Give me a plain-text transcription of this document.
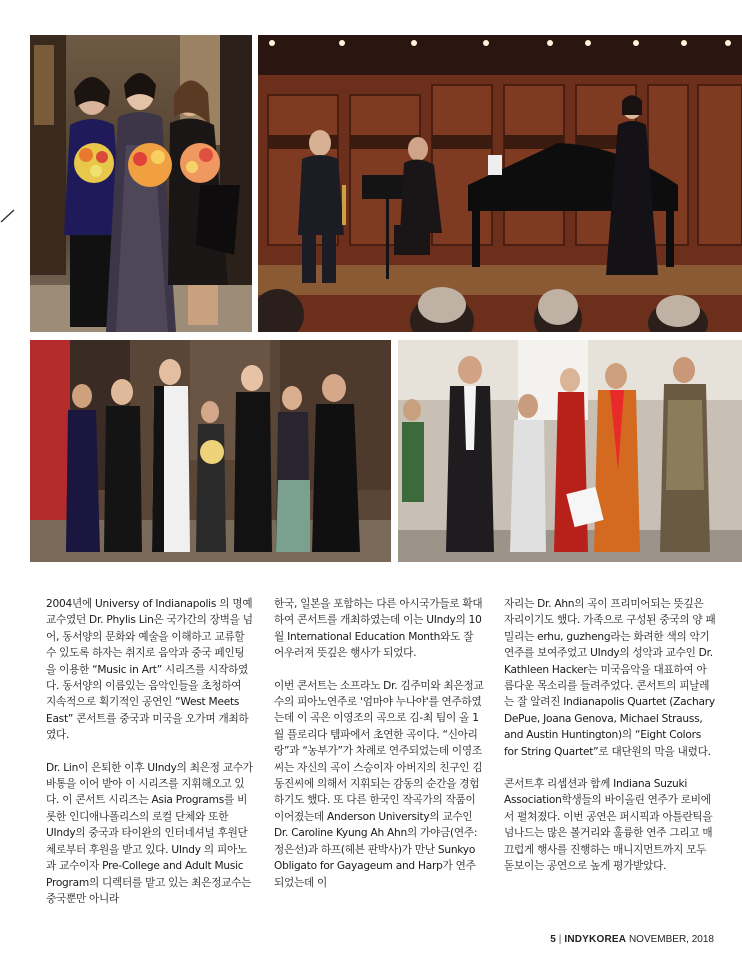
2004년에 Universy of Indianapolis 의 명예교수였던 Dr. Phylis Lin은 국가간의 장벽을 넘어, 동서양의 문화와 예술을 이해하고 교류할 수 있도록 하자는 취지로 음악과 중국 페인팅을 이용한 “Music in Art” 시리즈를 시작하였다. 동서양의 이름있는 음악인들을 초청하여 지속적으로 획기적인 공연인 “West Meets East” 콘서트를 중국과 미국을 오가며 개최하였다.

Dr. Lin이 은퇴한 이후 UIndy의 최은정 교수가 바통을 이어 받아 이 시리즈를 지휘해오고 있다. 이 콘서트 시리즈는 Asia Programs를 비롯한 인디애나폴리스의 로컬 단체와 또한 UIndy의 중국과 타이완의 인터네셔널 후원단체로부터 후원을 받고 있다. UIndy 의 피아노과 교수이자 Pre-College and Adult Music Program의 디렉터를 맡고 있는 최은정교수는 중국뿐만 아니라

한국, 일본을 포함하는 다른 아시국가들로 확대하여 콘서트를 개최하였는데 이는 UIndy의 10월 International Education Month와도 잘 어우러져 뜻깊은 행사가 되었다.

이번 콘서트는 소프라노 Dr. 김주미와 최은정교수의 피아노연주로 '엄마야 누나야'를 연주하였는데 이 곡은 이영조의 곡으로 김-최 팀이 올 1월 플로리다 템파에서 초연한 곡이다. “신아리랑”과 “농부가”가 차례로 연주되었는데 이영조씨는 자신의 곡이 스승이자 아버지의 친구인 김동진씨에 의해서 지휘되는 감동의 순간을 경험하기도 했다. 또 다른 한국인 작곡가의 작품이 이어졌는데 Anderson University의 교수인 Dr. Caroline Kyung Ah Ahn의 가야금(연주: 정은선)과 하프(헤븐 판박사)가 만난 Sunkyo Obligato for Gayageum and Harp가 연주되었는데 이

자리는 Dr. Ahn의 곡이 프리미어되는 뜻깊은 자리이기도 했다. 가족으로 구성된 중국의 양 패밀리는 erhu, guzheng라는 화려한 색의 악기연주를 보여주었고 UIndy의 성악과 교수인 Dr. Kathleen Hacker는 미국음악을 대표하여 아름다운 목소리를 들려주었다. 콘서트의 피날레는 잘 알려진 Indianapolis Quartet (Zachary DePue, Joana Genova, Michael Strauss, and Austin Huntington)의 “Eight Colors for String Quartet”로 대단원의 막을 내렸다.

콘서트후 리셉션과 함께 Indiana Suzuki Association학생들의 바이올린 연주가 로비에서 펼쳐졌다. 이번 공연은 퍼시픽과 아틀란틱을 넘나드는 많은 볼거리와 훌륭한 연주 그리고 매끄럽게 행사를 진행하는 매니지먼트까지 모두 돋보이는 공연으로 높게 평가받았다.

5 | INDYKOREA NOVEMBER, 2018
